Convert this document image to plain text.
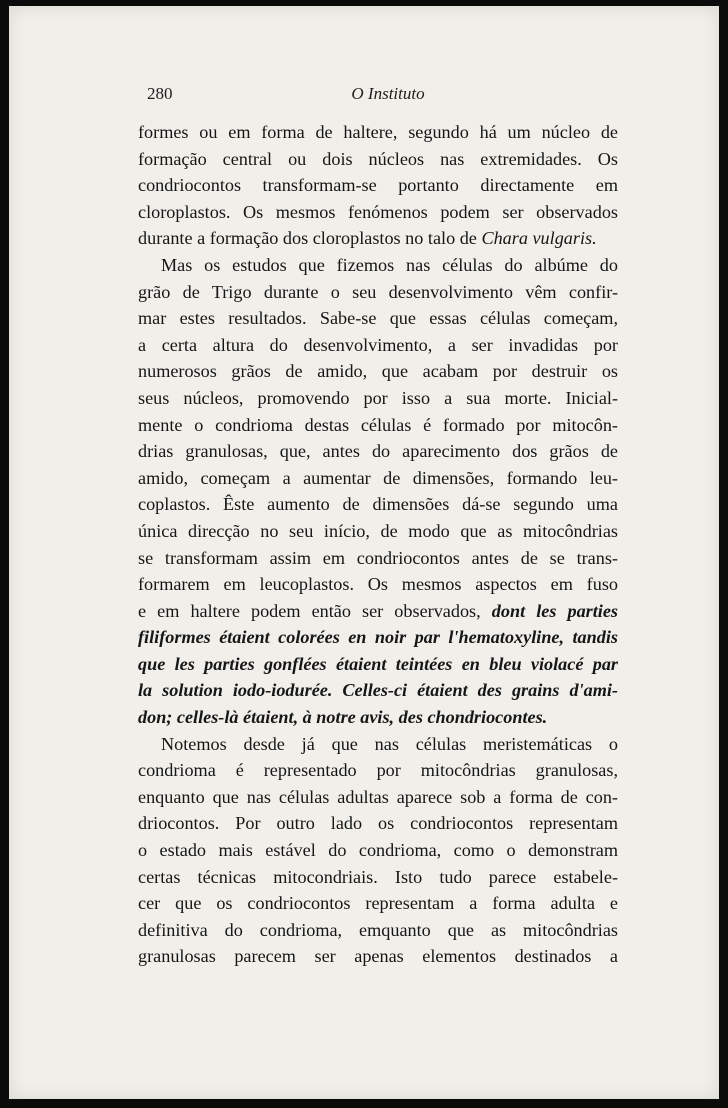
280	O Instituto
formes ou em forma de haltere, segundo há um núcleo de
formação central ou dois núcleos nas extremidades. Os
condriocontos transformam-se portanto directamente em
cloroplastos. Os mesmos fenómenos podem ser observados
durante a formação dos cloroplastos no talo de Chara vulgaris.
Mas os estudos que fizemos nas células do albúme do
grão de Trigo durante o seu desenvolvimento vêm confir-
mar estes resultados. Sabe-se que essas células começam,
a certa altura do desenvolvimento, a ser invadidas por
numerosos grãos de amido, que acabam por destruir os
seus núcleos, promovendo por isso a sua morte. Inicial-
mente o condrioma destas células é formado por mitocôn-
drias granulosas, que, antes do aparecimento dos grãos de
amido, começam a aumentar de dimensões, formando leu-
coplastos. Êste aumento de dimensões dá-se segundo uma
única direcção no seu início, de modo que as mitocôndrias
se transformam assim em condriocontos antes de se trans-
formarem em leucoplastos. Os mesmos aspectos em fuso
e em haltere podem então ser observados, dont les parties
filiformes étaient colorées en noir par l'hematoxyline, tandis
que les parties gonflées étaient teintées en bleu violacé par
la solution iodo-iodurée. Celles-ci étaient des grains d'ami-
don; celles-là étaient, à notre avis, des chondriocontes.
Notemos desde já que nas células meristemáticas o
condrioma é representado por mitocôndrias granulosas,
enquanto que nas células adultas aparece sob a forma de con-
driocontos. Por outro lado os condriocontos representam
o estado mais estável do condrioma, como o demonstram
certas técnicas mitocondriais. Isto tudo parece estabele-
cer que os condriocontos representam a forma adulta e
definitiva do condrioma, emquanto que as mitocôndrias
granulosas parecem ser apenas elementos destinados a
